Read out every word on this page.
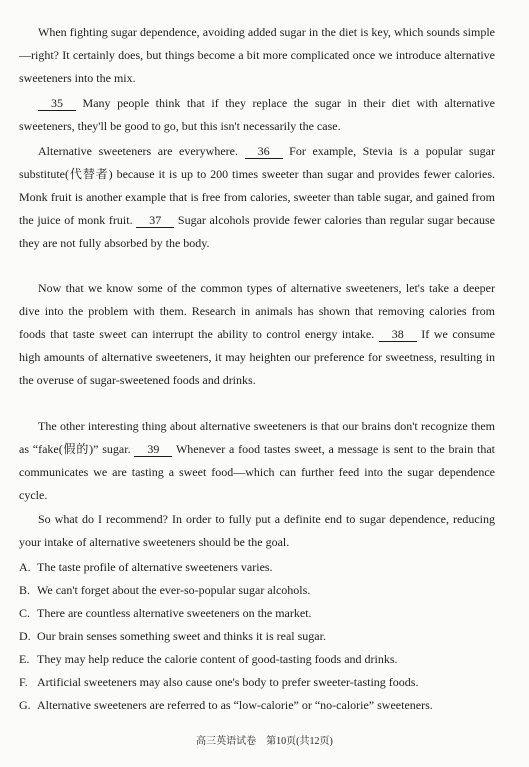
When fighting sugar dependence, avoiding added sugar in the diet is key, which sounds simple—right? It certainly does, but things become a bit more complicated once we introduce alternative sweeteners into the mix.

35 Many people think that if they replace the sugar in their diet with alternative sweeteners, they'll be good to go, but this isn't necessarily the case.

Alternative sweeteners are everywhere. 36 For example, Stevia is a popular sugar substitute(代替者) because it is up to 200 times sweeter than sugar and provides fewer calories. Monk fruit is another example that is free from calories, sweeter than table sugar, and gained from the juice of monk fruit. 37 Sugar alcohols provide fewer calories than regular sugar because they are not fully absorbed by the body.

Now that we know some of the common types of alternative sweeteners, let's take a deeper dive into the problem with them. Research in animals has shown that removing calories from foods that taste sweet can interrupt the ability to control energy intake. 38 If we consume high amounts of alternative sweeteners, it may heighten our preference for sweetness, resulting in the overuse of sugar-sweetened foods and drinks.

The other interesting thing about alternative sweeteners is that our brains don't recognize them as “fake(假的)” sugar. 39 Whenever a food tastes sweet, a message is sent to the brain that communicates we are tasting a sweet food—which can further feed into the sugar dependence cycle.

So what do I recommend? In order to fully put a definite end to sugar dependence, reducing your intake of alternative sweeteners should be the goal.

A. The taste profile of alternative sweeteners varies.
B. We can't forget about the ever-so-popular sugar alcohols.
C. There are countless alternative sweeteners on the market.
D. Our brain senses something sweet and thinks it is real sugar.
E. They may help reduce the calorie content of good-tasting foods and drinks.
F. Artificial sweeteners may also cause one's body to prefer sweeter-tasting foods.
G. Alternative sweeteners are referred to as “low-calorie” or “no-calorie” sweeteners.
高三英语试卷　第10页(共12页)
